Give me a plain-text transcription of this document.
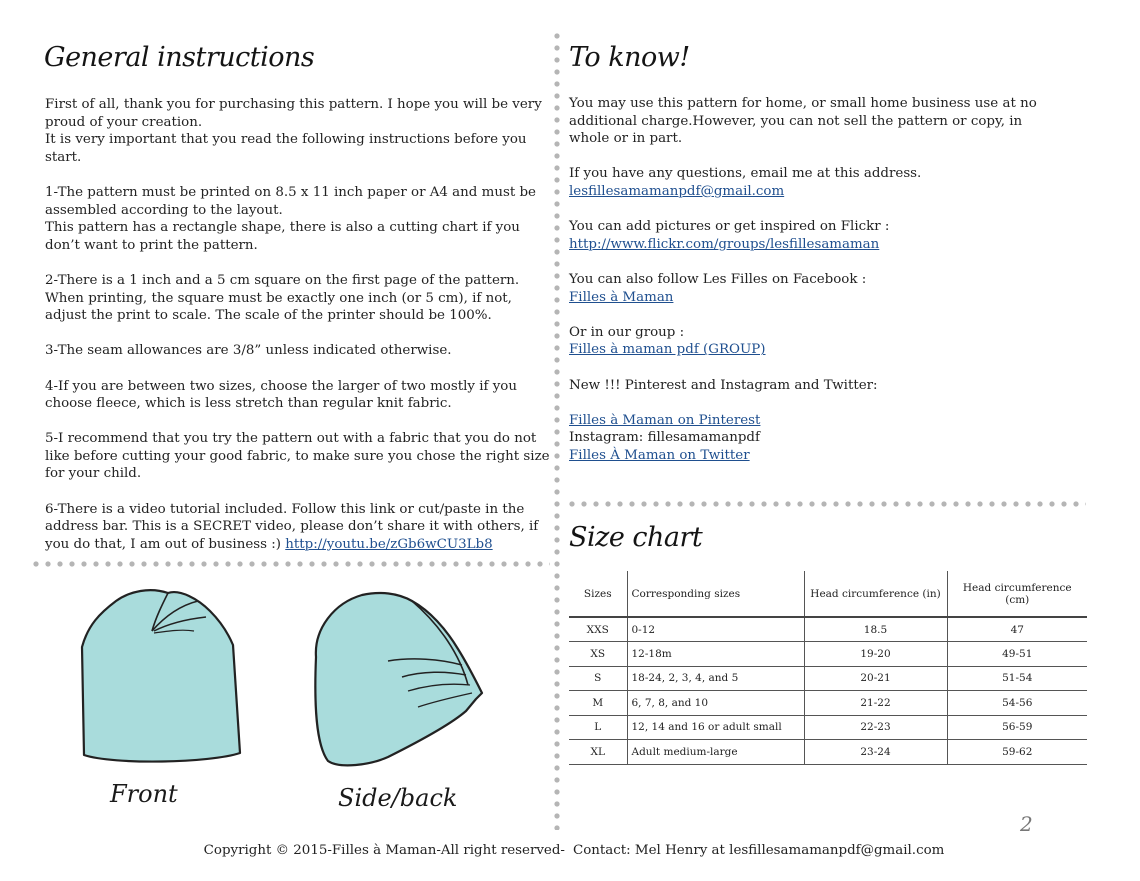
General instructions

First of all, thank you for purchasing this pattern. I hope you will be very proud of your creation.

It is very important that you read the following instructions before you start.

1-The pattern must be printed on 8.5 x 11 inch paper or A4 and must be assembled according to the layout.

This pattern has a rectangle shape, there is also a cutting chart if you don’t want to print the pattern.

2-There is a 1 inch and a 5 cm square on the first page of the pattern. When printing, the square must be exactly one inch (or 5 cm), if not, adjust the print to scale. The scale of the printer should be 100%.

3-The seam allowances are 3/8” unless indicated otherwise.

4-If you are between two sizes, choose the larger of two mostly if you choose fleece, which is less stretch than regular knit fabric.

5-I recommend that you try the pattern out with a fabric that you do not like before cutting your good fabric, to make sure you chose the right size for your child.

6-There is a video tutorial included. Follow this link or cut/paste in the address bar. This is a SECRET video, please don’t share it with others, if you do that, I am out of business :) http://youtu.be/zGb6wCU3Lb8

To know!

You may use this pattern for home, or small home business use at no additional charge.However, you can not sell the pattern or copy, in whole or in part.

If you have any questions, email me at this address.

lesfillesamamanpdf@gmail.com

You can add pictures or get inspired on Flickr :

http://www.flickr.com/groups/lesfillesamaman

You can also follow Les Filles on Facebook :

Filles à Maman

Or in our group :

Filles à maman pdf (GROUP)

New !!! Pinterest and Instagram and Twitter:

Filles à Maman on Pinterest

Instagram: fillesamamanpdf

Filles À Maman on Twitter

Size chart
Sizes	Corresponding sizes	Head circumference (in)	Head circumference (cm)
XXS	0-12	18.5	47
XS	12-18m	19-20	49-51
S	18-24, 2, 3, 4, and 5	20-21	51-54
M	6, 7, 8, and 10	21-22	54-56
L	12, 14 and 16 or adult small	22-23	56-59
XL	Adult medium-large	23-24	59-62
Front	Side/back
2
Copyright © 2015-Filles à Maman-All right reserved- Contact: Mel Henry at lesfillesamamanpdf@gmail.com
